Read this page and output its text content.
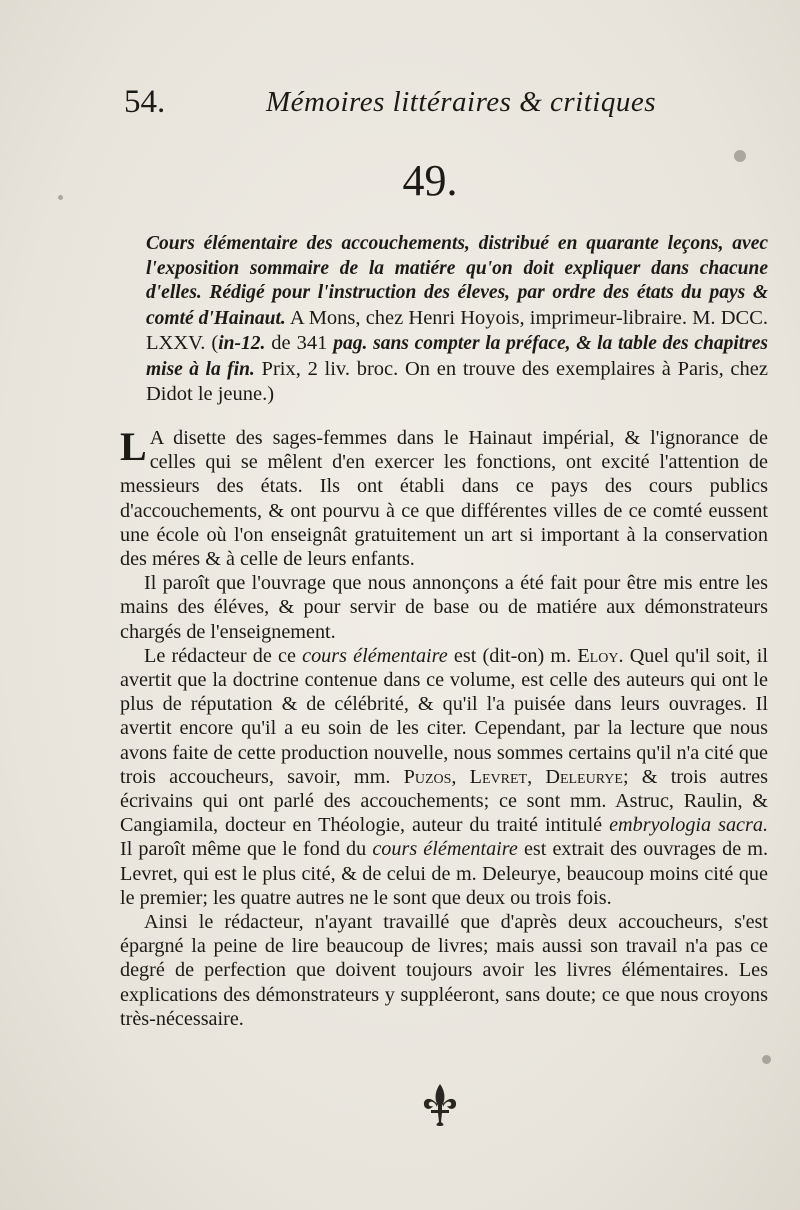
54.	Mémoires littéraires & critiques
49.
Cours élémentaire des accouchements, distribué en quarante leçons, avec l'exposition sommaire de la matiére qu'on doit expliquer dans chacune d'elles. Rédigé pour l'instruction des éleves, par ordre des états du pays & comté d'Hainaut. A Mons, chez Henri Hoyois, imprimeur-libraire. M. DCC. LXXV. (in-12. de 341 pag. sans compter la préface, & la table des chapitres mise à la fin. Prix, 2 liv. broc. On en trouve des exemplaires à Paris, chez Didot le jeune.)

L A disette des sages-femmes dans le Hainaut impérial, & l'ignorance de celles qui se mêlent d'en exercer les fonctions, ont excité l'attention de messieurs des états. Ils ont établi dans ce pays des cours publics d'accouchements, & ont pourvu à ce que différentes villes de ce comté eussent une école où l'on enseignât gratuitement un art si important à la conservation des méres & à celle de leurs enfants.

Il paroît que l'ouvrage que nous annonçons a été fait pour être mis entre les mains des éléves, & pour servir de base ou de matiére aux démonstrateurs chargés de l'enseignement.

Le rédacteur de ce cours élémentaire est (dit-on) m. Eloy. Quel qu'il soit, il avertit que la doctrine contenue dans ce volume, est celle des auteurs qui ont le plus de réputation & de célébrité, & qu'il l'a puisée dans leurs ouvrages. Il avertit encore qu'il a eu soin de les citer. Cependant, par la lecture que nous avons faite de cette production nouvelle, nous sommes certains qu'il n'a cité que trois accoucheurs, savoir, mm. Puzos, Levret, Deleurye; & trois autres écrivains qui ont parlé des accouchements; ce sont mm. Astruc, Raulin, & Cangiamila, docteur en Théologie, auteur du traité intitulé embryologia sacra. Il paroît même que le fond du cours élémentaire est extrait des ouvrages de m. Levret, qui est le plus cité, & de celui de m. Deleurye, beaucoup moins cité que le premier; les quatre autres ne le sont que deux ou trois fois.

Ainsi le rédacteur, n'ayant travaillé que d'après deux accoucheurs, s'est épargné la peine de lire beaucoup de livres; mais aussi son travail n'a pas ce degré de perfection que doivent toujours avoir les livres élémentaires. Les explications des démonstrateurs y suppléeront, sans doute; ce que nous croyons très-nécessaire.
